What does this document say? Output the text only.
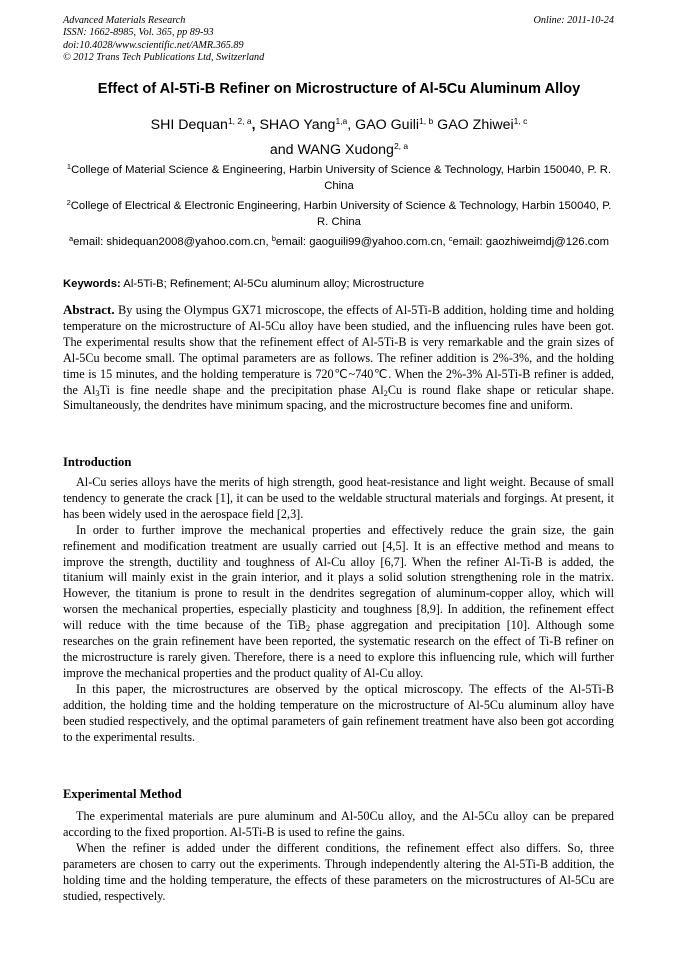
Advanced Materials Research
ISSN: 1662-8985, Vol. 365, pp 89-93
doi:10.4028/www.scientific.net/AMR.365.89
© 2012 Trans Tech Publications Ltd, Switzerland
Online: 2011-10-24
Effect of Al-5Ti-B Refiner on Microstructure of Al-5Cu Aluminum Alloy
SHI Dequan$^{1, 2, a}$, SHAO Yang$^{1,a}$, GAO Guili$^{1, b}$ GAO Zhiwei$^{1, c}$
and WANG Xudong$^{2, a}$
$^1$College of Material Science & Engineering, Harbin University of Science & Technology, Harbin 150040, P. R. China
$^2$College of Electrical & Electronic Engineering, Harbin University of Science & Technology, Harbin 150040, P. R. China
$^a$email: shidequan2008@yahoo.com.cn, $^b$email: gaoguili99@yahoo.com.cn, $^c$email: gaozhiweimdj@126.com
Keywords: Al-5Ti-B; Refinement; Al-5Cu aluminum alloy; Microstructure
Abstract. By using the Olympus GX71 microscope, the effects of Al-5Ti-B addition, holding time and holding temperature on the microstructure of Al-5Cu alloy have been studied, and the influencing rules have been got. The experimental results show that the refinement effect of Al-5Ti-B is very remarkable and the grain sizes of Al-5Cu become small. The optimal parameters are as follows. The refiner addition is 2%-3%, and the holding time is 15 minutes, and the holding temperature is 720℃~740℃. When the 2%-3% Al-5Ti-B refiner is added, the $Al_3Ti$ is fine needle shape and the precipitation phase $Al_2Cu$ is round flake shape or reticular shape. Simultaneously, the dendrites have minimum spacing, and the microstructure becomes fine and uniform.
Introduction

Al-Cu series alloys have the merits of high strength, good heat-resistance and light weight. Because of small tendency to generate the crack [1], it can be used to the weldable structural materials and forgings. At present, it has been widely used in the aerospace field [2,3].

In order to further improve the mechanical properties and effectively reduce the grain size, the gain refinement and modification treatment are usually carried out [4,5]. It is an effective method and means to improve the strength, ductility and toughness of Al-Cu alloy [6,7]. When the refiner Al-Ti-B is added, the titanium will mainly exist in the grain interior, and it plays a solid solution strengthening role in the matrix. However, the titanium is prone to result in the dendrites segregation of aluminum-copper alloy, which will worsen the mechanical properties, especially plasticity and toughness [8,9]. In addition, the refinement effect will reduce with the time because of the TiB$_2$ phase aggregation and precipitation [10]. Although some researches on the grain refinement have been reported, the systematic research on the effect of Ti-B refiner on the microstructure is rarely given. Therefore, there is a need to explore this influencing rule, which will further improve the mechanical properties and the product quality of Al-Cu alloy.

In this paper, the microstructures are observed by the optical microscopy. The effects of the Al-5Ti-B addition, the holding time and the holding temperature on the microstructure of Al-5Cu aluminum alloy have been studied respectively, and the optimal parameters of gain refinement treatment have also been got according to the experimental results.

Experimental Method

The experimental materials are pure aluminum and Al-50Cu alloy, and the Al-5Cu alloy can be prepared according to the fixed proportion. Al-5Ti-B is used to refine the gains.

When the refiner is added under the different conditions, the refinement effect also differs. So, three parameters are chosen to carry out the experiments. Through independently altering the Al-5Ti-B addition, the holding time and the holding temperature, the effects of these parameters on the microstructures of Al-5Cu are studied, respectively.
